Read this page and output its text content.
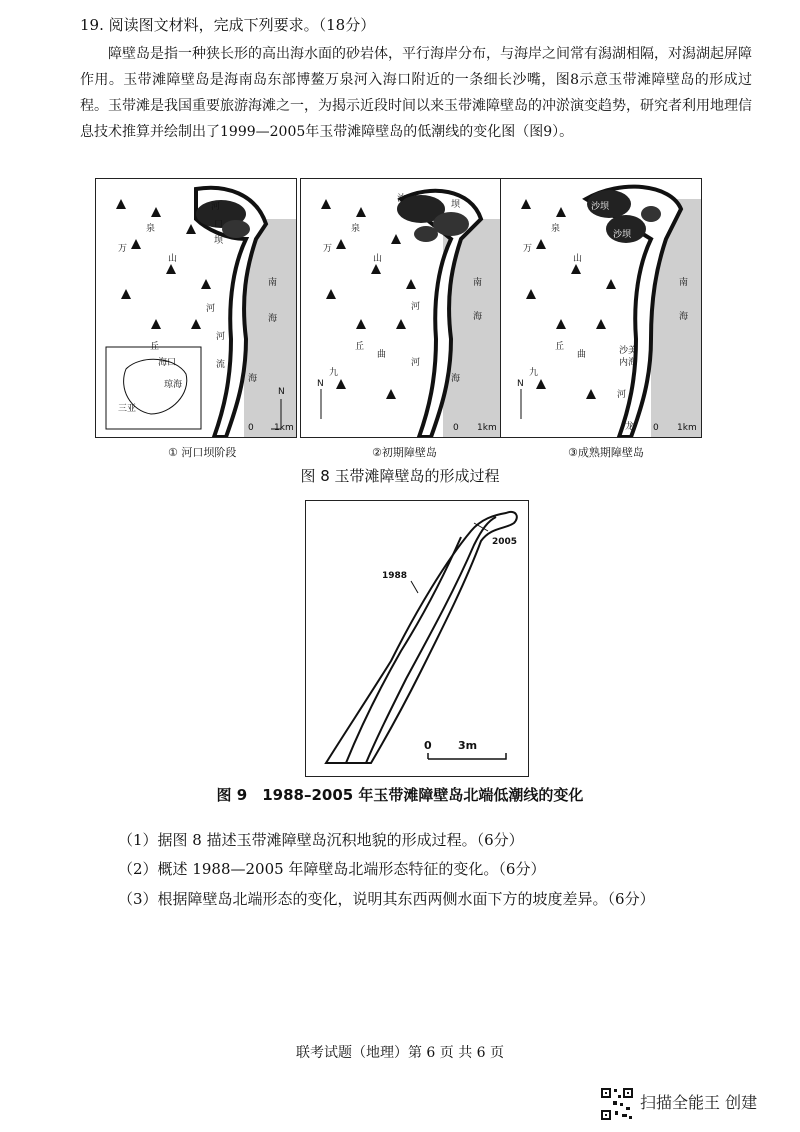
19. 阅读图文材料，完成下列要求。（18分）
障壁岛是指一种狭长形的高出海水面的砂岩体，平行海岸分布，与海岸之间常有潟湖相隔，对潟湖起屏障作用。玉带滩障壁岛是海南岛东部博鳌万泉河入海口附近的一条细长沙嘴，图8示意玉带滩障壁岛的形成过程。玉带滩是我国重要旅游海滩之一，为揭示近段时间以来玉带滩障壁岛的冲淤演变趋势，研究者利用地理信息技术推算并绘制出了1999—2005年玉带滩障壁岛的低潮线的变化图（图9）。
河
口
坝
万
泉
山
河
丘
河
流
南
海
海
N
0 1km
海口
琼海
三亚
沙
坝
万
泉
山
河
丘
九
曲
河
南
海
海
N
0 1km
沙坝
沙坝
南
海
万
泉
山
丘
九
曲
河
沙美
内海
龙
N
0 1km
① 河口坝阶段	②初期障壁岛	③成熟期障壁岛
图 8 玉带滩障壁岛的形成过程
2005
1988
0 3m
图 9　1988–2005 年玉带滩障壁岛北端低潮线的变化
（1）据图 8 描述玉带滩障壁岛沉积地貌的形成过程。（6分）
（2）概述 1988—2005 年障壁岛北端形态特征的变化。（6分）
（3）根据障壁岛北端形态的变化，说明其东西两侧水面下方的坡度差异。（6分）
联考试题（地理）第 6 页 共 6 页
扫描全能王 创建
